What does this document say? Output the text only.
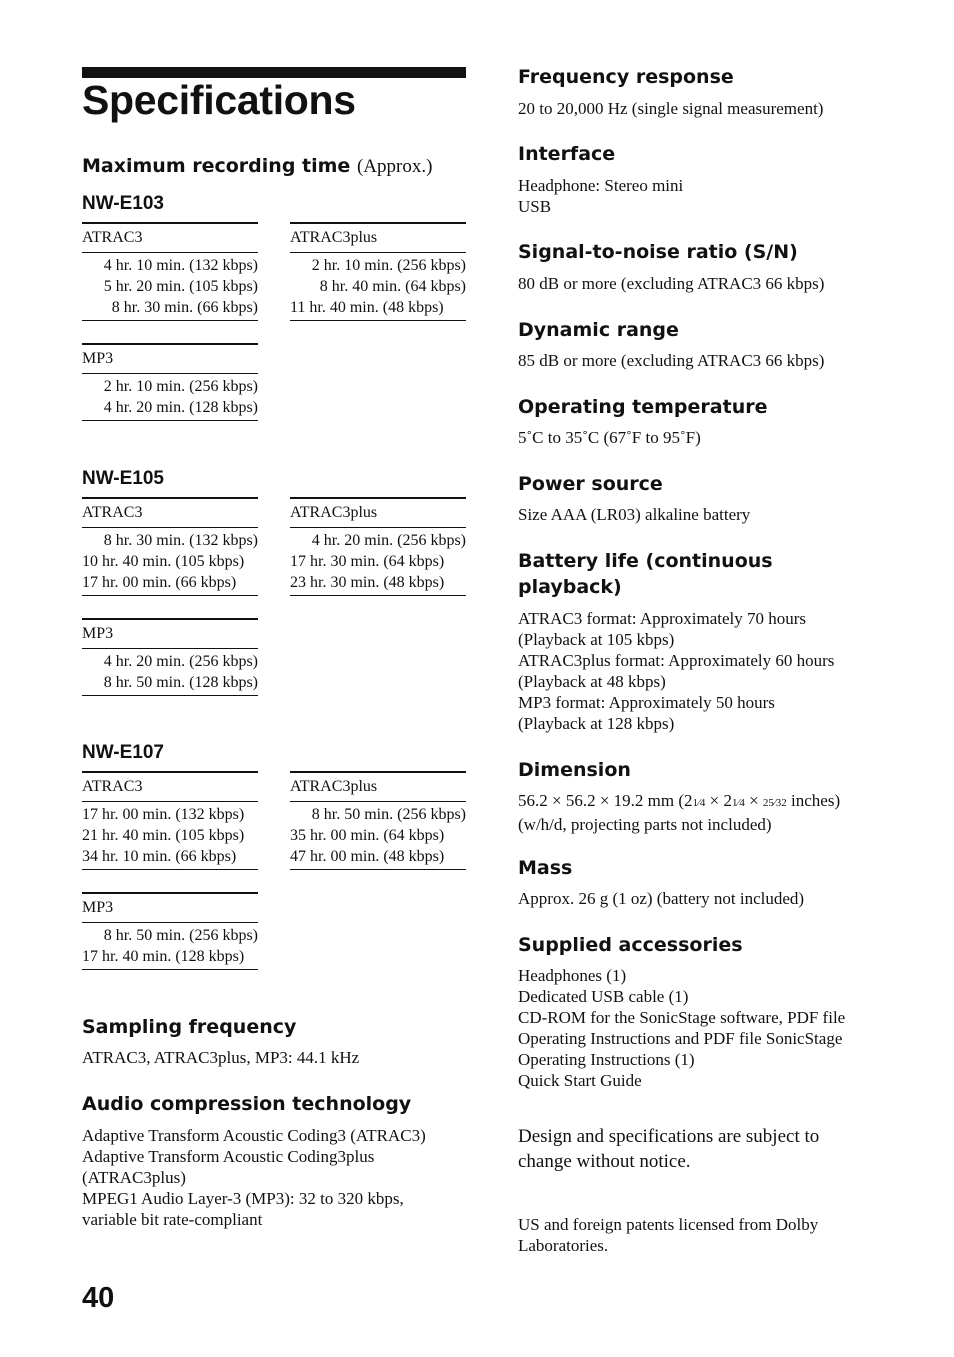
Specifications
Maximum recording time (Approx.)
NW-E103
ATRAC3
4 hr. 10 min. (132 kbps)
5 hr. 20 min. (105 kbps)
8 hr. 30 min. (66 kbps)
ATRAC3plus
2 hr. 10 min. (256 kbps)
8 hr. 40 min. (64 kbps)
11 hr. 40 min. (48 kbps)
MP3
2 hr. 10 min. (256 kbps)
4 hr. 20 min. (128 kbps)
NW-E105
ATRAC3
8 hr. 30 min. (132 kbps)
10 hr. 40 min. (105 kbps)
17 hr. 00 min. (66 kbps)
ATRAC3plus
4 hr. 20 min. (256 kbps)
17 hr. 30 min. (64 kbps)
23 hr. 30 min. (48 kbps)
MP3
4 hr. 20 min. (256 kbps)
8 hr. 50 min. (128 kbps)
NW-E107
ATRAC3
17 hr. 00 min. (132 kbps)
21 hr. 40 min. (105 kbps)
34 hr. 10 min. (66 kbps)
ATRAC3plus
8 hr. 50 min. (256 kbps)
35 hr. 00 min. (64 kbps)
47 hr. 00 min. (48 kbps)
MP3
8 hr. 50 min. (256 kbps)
17 hr. 40 min. (128 kbps)
Sampling frequency
ATRAC3, ATRAC3plus, MP3: 44.1 kHz
Audio compression technology
Adaptive Transform Acoustic Coding3 (ATRAC3)
Adaptive Transform Acoustic Coding3plus
(ATRAC3plus)
MPEG1 Audio Layer-3 (MP3): 32 to 320 kbps,
variable bit rate-compliant
40
Frequency response
20 to 20,000 Hz (single signal measurement)
Interface
Headphone: Stereo mini
USB
Signal-to-noise ratio (S/N)
80 dB or more (excluding ATRAC3 66 kbps)
Dynamic range
85 dB or more (excluding ATRAC3 66 kbps)
Operating temperature
5˚C to 35˚C (67˚F to 95˚F)
Power source
Size AAA (LR03) alkaline battery
Battery life (continuous
playback)
ATRAC3 format: Approximately 70 hours
(Playback at 105 kbps)
ATRAC3plus format: Approximately 60 hours
(Playback at 48 kbps)
MP3 format: Approximately 50 hours
(Playback at 128 kbps)
Dimension
56.2 × 56.2 × 19.2 mm (21⁄4 × 21⁄4 × 25⁄32 inches)
(w/h/d, projecting parts not included)
Mass
Approx. 26 g (1 oz) (battery not included)
Supplied accessories
Headphones (1)
Dedicated USB cable (1)
CD-ROM for the SonicStage software, PDF file
Operating Instructions and PDF file SonicStage
Operating Instructions (1)
Quick Start Guide
Design and specifications are subject to
change without notice.
US and foreign patents licensed from Dolby
Laboratories.
